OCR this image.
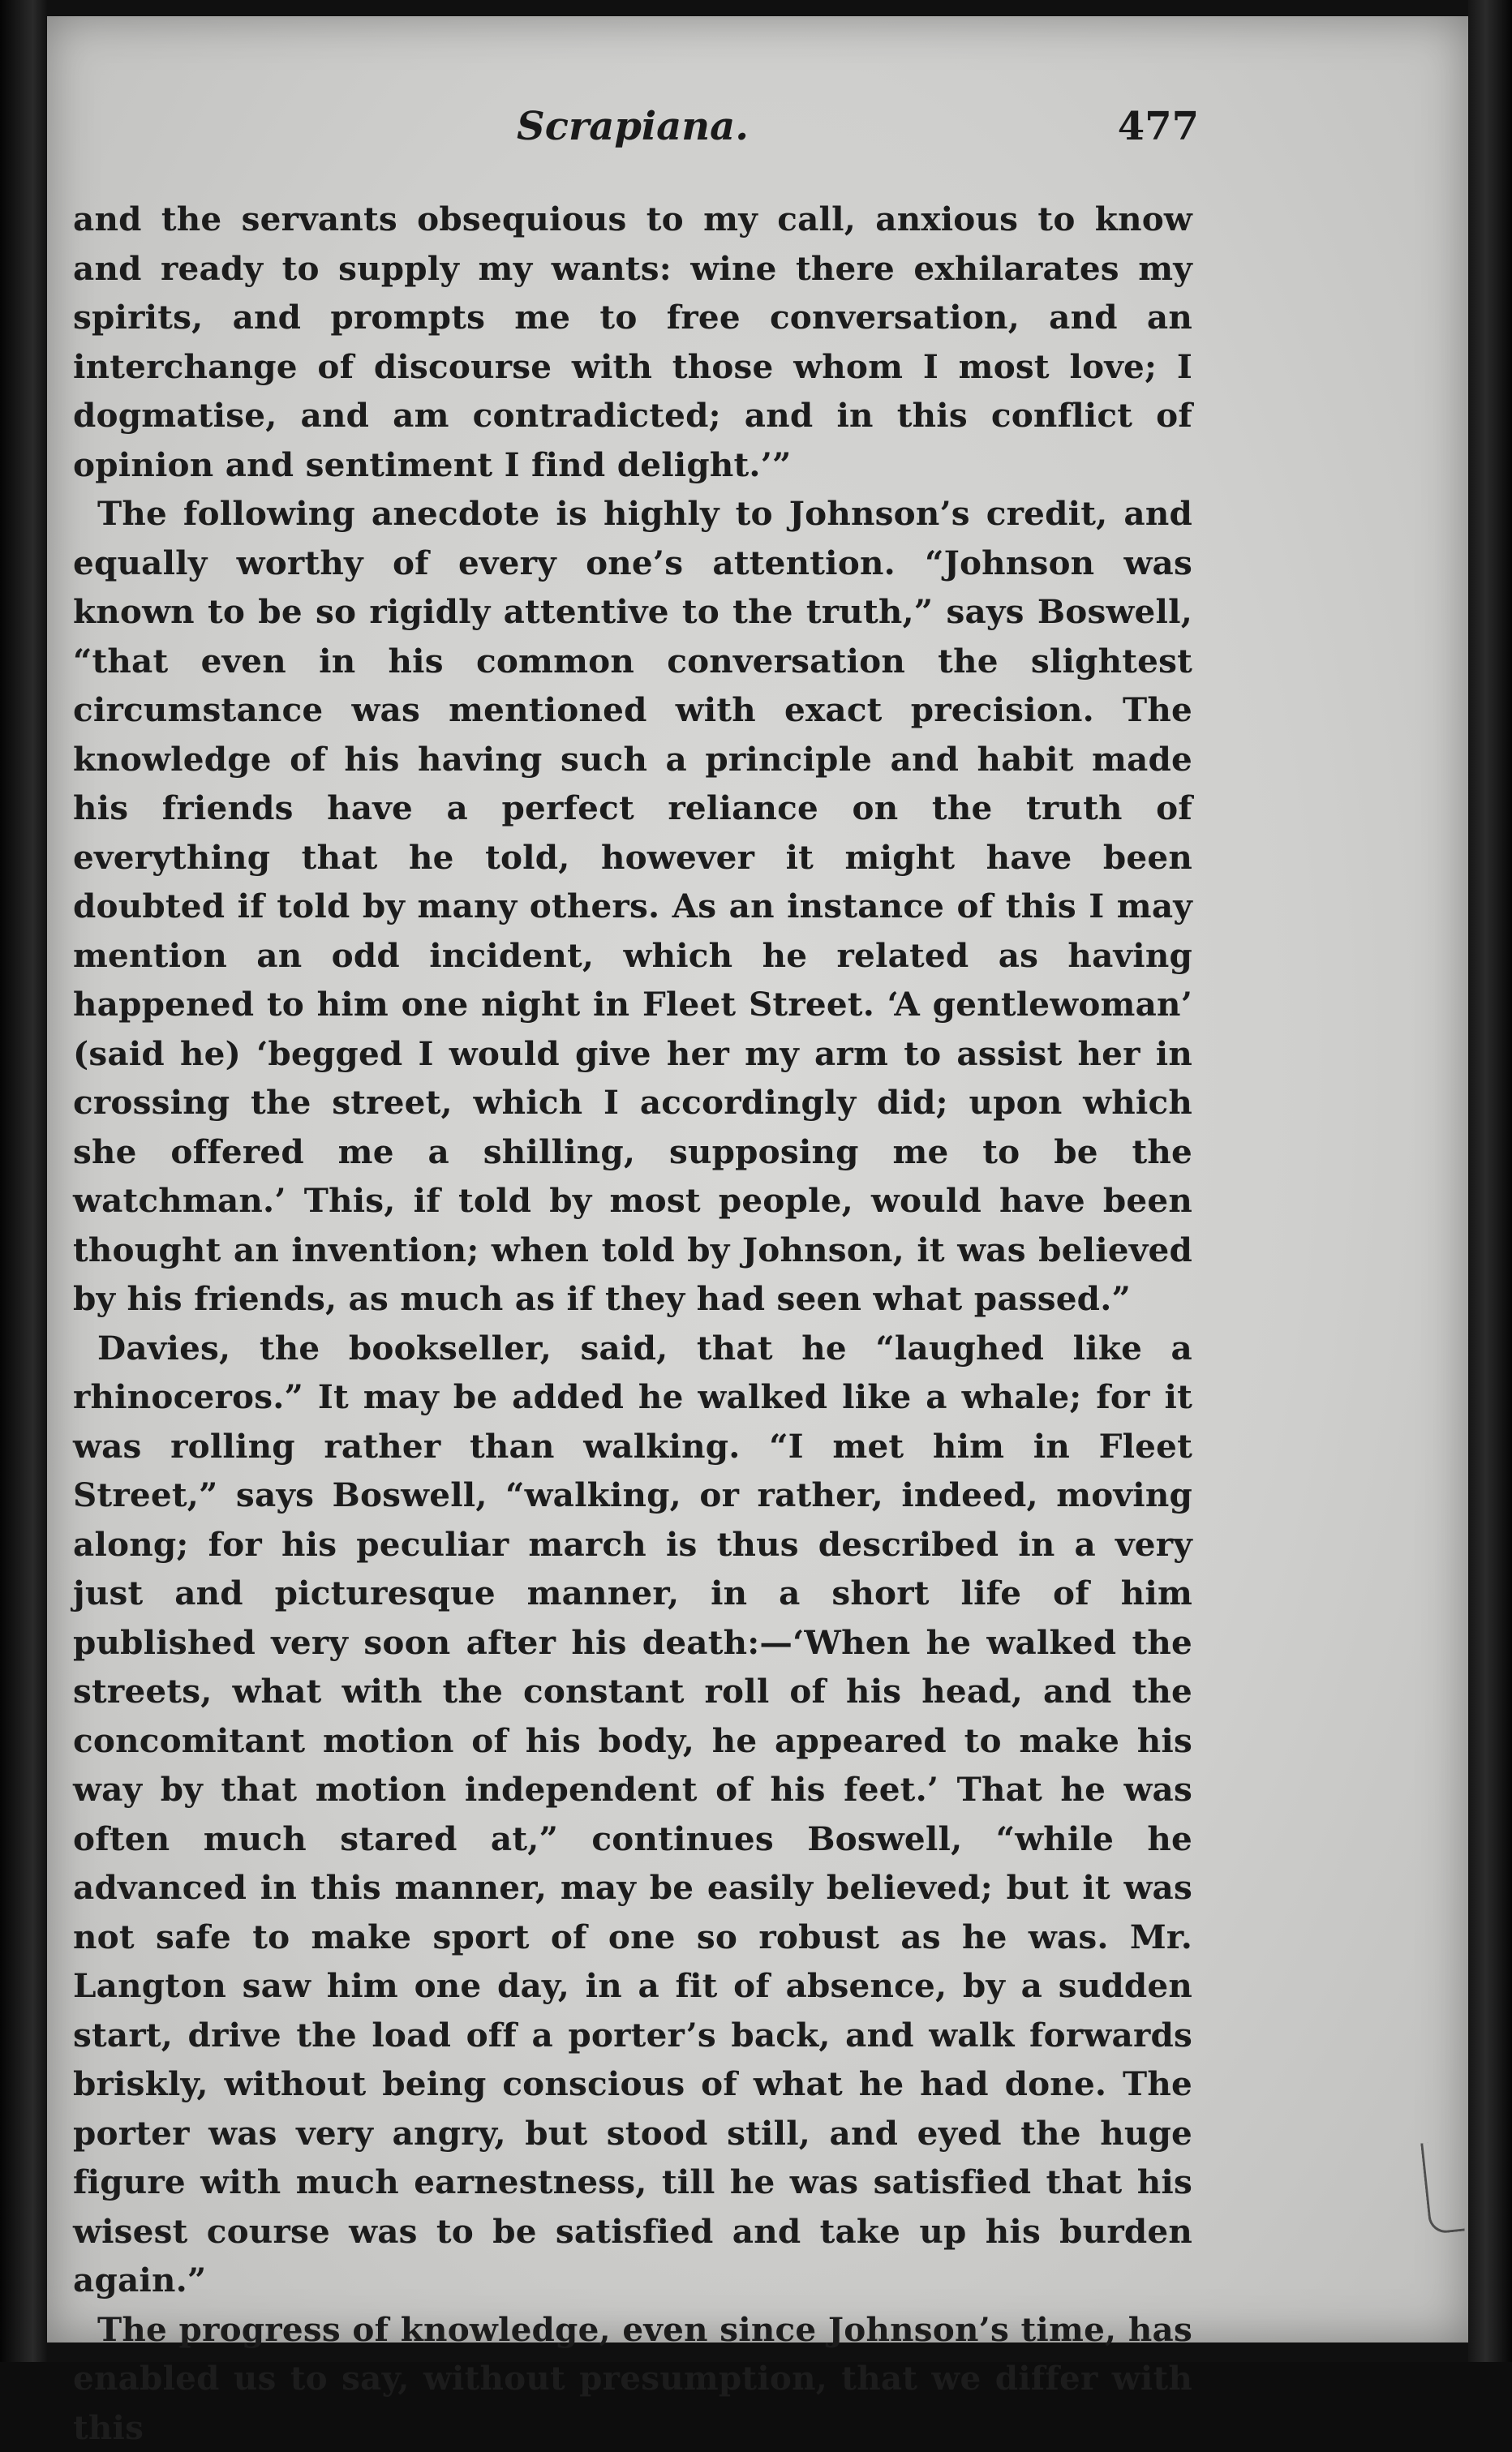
Scrapiana.	477

and the servants obsequious to my call, anxious to know and ready to supply my wants: wine there exhilarates my spirits, and prompts me to free conversation, and an interchange of discourse with those whom I most love; I dogmatise, and am contradicted; and in this conflict of opinion and sentiment I find delight.’”

The following anecdote is highly to Johnson’s credit, and equally worthy of every one’s attention. “Johnson was known to be so rigidly attentive to the truth,” says Boswell, “that even in his common conversation the slightest circumstance was mentioned with exact precision. The knowledge of his having such a principle and habit made his friends have a perfect reliance on the truth of everything that he told, however it might have been doubted if told by many others. As an instance of this I may mention an odd incident, which he related as having happened to him one night in Fleet Street. ‘A gentlewoman’ (said he) ‘begged I would give her my arm to assist her in crossing the street, which I accordingly did; upon which she offered me a shilling, supposing me to be the watchman.’ This, if told by most people, would have been thought an invention; when told by Johnson, it was believed by his friends, as much as if they had seen what passed.”

Davies, the bookseller, said, that he “laughed like a rhinoceros.” It may be added he walked like a whale; for it was rolling rather than walking. “I met him in Fleet Street,” says Boswell, “walking, or rather, indeed, moving along; for his peculiar march is thus described in a very just and picturesque manner, in a short life of him published very soon after his death:—‘When he walked the streets, what with the constant roll of his head, and the concomitant motion of his body, he appeared to make his way by that motion independent of his feet.’ That he was often much stared at,” continues Boswell, “while he advanced in this manner, may be easily believed; but it was not safe to make sport of one so robust as he was. Mr. Langton saw him one day, in a fit of absence, by a sudden start, drive the load off a porter’s back, and walk forwards briskly, without being conscious of what he had done. The porter was very angry, but stood still, and eyed the huge figure with much earnestness, till he was satisfied that his wisest course was to be satisfied and take up his burden again.”

The progress of knowledge, even since Johnson’s time, has enabled us to say, without presumption, that we differ with this
